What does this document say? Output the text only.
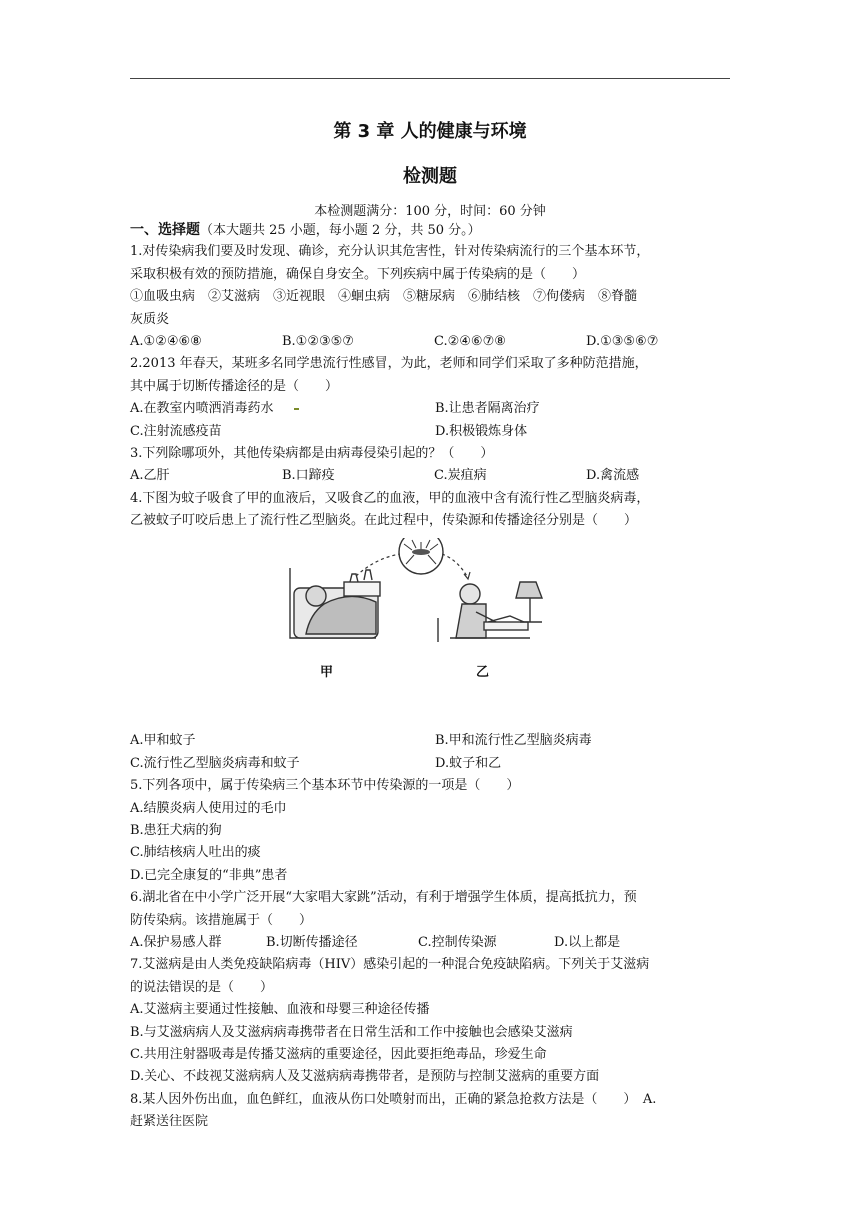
第 3 章 人的健康与环境
检测题
本检测题满分：100 分，时间：60 分钟
一、选择题（本大题共 25 小题，每小题 2 分，共 50 分。）
1.对传染病我们要及时发现、确诊，充分认识其危害性，针对传染病流行的三个基本环节，
采取积极有效的预防措施，确保自身安全。下列疾病中属于传染病的是（　　）
①血吸虫病　②艾滋病　③近视眼　④蛔虫病　⑤糖尿病　⑥肺结核　⑦佝偻病　⑧脊髓
灰质炎
A.①②④⑥⑧	B.①②③⑤⑦	C.②④⑥⑦⑧	D.①③⑤⑥⑦
2.2013 年春天，某班多名同学患流行性感冒，为此，老师和同学们采取了多种防范措施，
其中属于切断传播途径的是（　　）
A.在教室内喷洒消毒药水	B.让患者隔离治疗
C.注射流感疫苗	D.积极锻炼身体
3.下列除哪项外，其他传染病都是由病毒侵染引起的？（　　）
A.乙肝	B.口蹄疫	C.炭疽病	D.禽流感
4.下图为蚊子吸食了甲的血液后，又吸食乙的血液，甲的血液中含有流行性乙型脑炎病毒，
乙被蚊子叮咬后患上了流行性乙型脑炎。在此过程中，传染源和传播途径分别是（　　）
甲	乙
A.甲和蚊子	B.甲和流行性乙型脑炎病毒
C.流行性乙型脑炎病毒和蚊子	D.蚊子和乙
5.下列各项中，属于传染病三个基本环节中传染源的一项是（　　）
A.结膜炎病人使用过的毛巾
B.患狂犬病的狗
C.肺结核病人吐出的痰
D.已完全康复的“非典”患者
6.湖北省在中小学广泛开展“大家唱大家跳”活动，有利于增强学生体质，提高抵抗力，预
防传染病。该措施属于（　　）
A.保护易感人群	B.切断传播途径	C.控制传染源	D.以上都是
7.艾滋病是由人类免疫缺陷病毒（HIV）感染引起的一种混合免疫缺陷病。下列关于艾滋病
的说法错误的是（　　）
A.艾滋病主要通过性接触、血液和母婴三种途径传播
B.与艾滋病病人及艾滋病病毒携带者在日常生活和工作中接触也会感染艾滋病
C.共用注射器吸毒是传播艾滋病的重要途径，因此要拒绝毒品，珍爱生命
D.关心、不歧视艾滋病病人及艾滋病病毒携带者，是预防与控制艾滋病的重要方面
8.某人因外伤出血，血色鲜红，血液从伤口处喷射而出，正确的紧急抢救方法是（　　）　A.
赶紧送往医院
